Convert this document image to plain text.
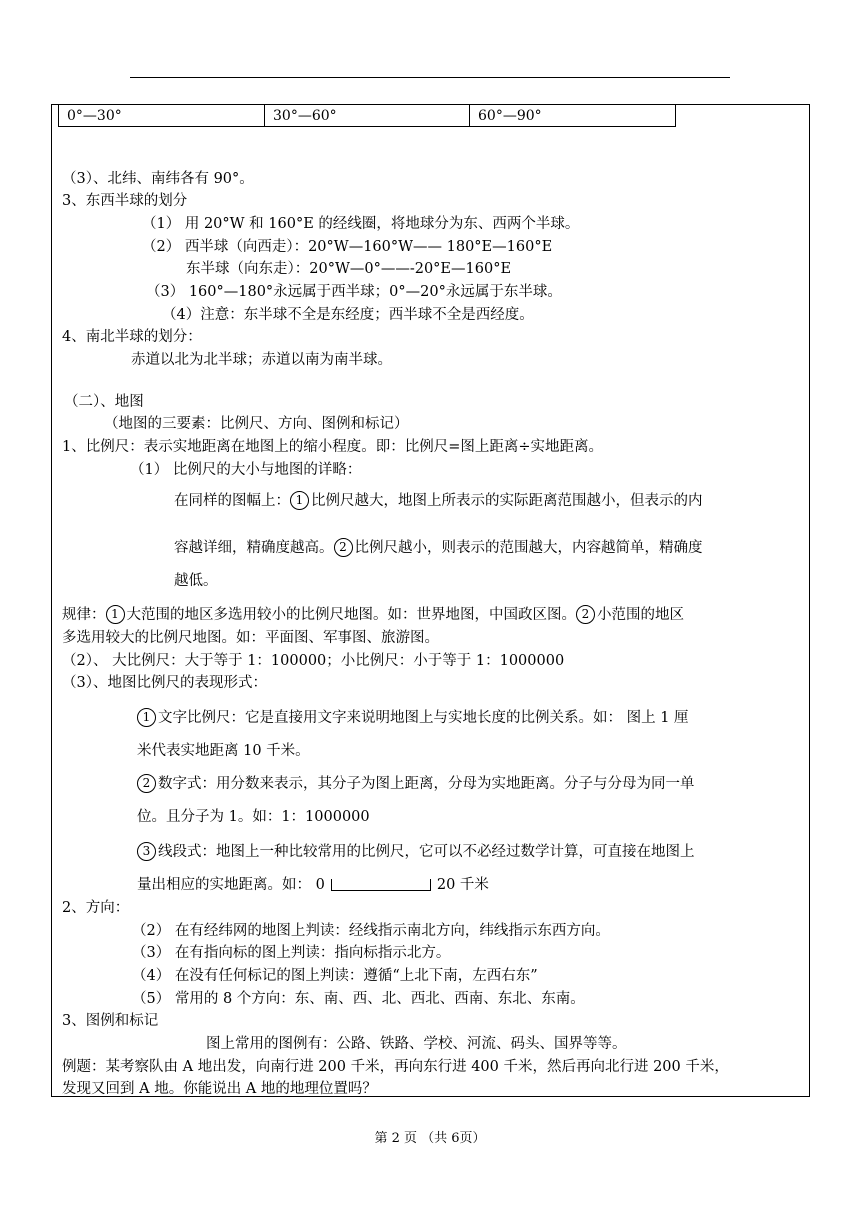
0°—30°	30°—60°	60°—90°
（3）、北纬、南纬各有 90°。
3、东西半球的划分
（1） 用 20°W 和 160°E 的经线圈，将地球分为东、西两个半球。
（2） 西半球（向西走）：20°W—160°W—— 180°E—160°E
东半球（向东走）：20°W—0°——-20°E—160°E
（3） 160°—180°永远属于西半球；0°—20°永远属于东半球。
（4）注意：东半球不全是东经度；西半球不全是西经度。
4、南北半球的划分：
赤道以北为北半球；赤道以南为南半球。
（二）、地图
（地图的三要素：比例尺、方向、图例和标记）
1、比例尺：表示实地距离在地图上的缩小程度。即：比例尺=图上距离÷实地距离。
（1） 比例尺的大小与地图的详略：
在同样的图幅上： 1 比例尺越大，地图上所表示的实际距离范围越小，但表示的内
容越详细，精确度越高。 2 比例尺越小，则表示的范围越大，内容越简单，精确度
越低。
规律： 1 大范围的地区多选用较小的比例尺地图。如：世界地图，中国政区图。 2 小范围的地区
多选用较大的比例尺地图。如：平面图、军事图、旅游图。
（2）、 大比例尺：大于等于 1：100000；小比例尺：小于等于 1：1000000
（3）、地图比例尺的表现形式：
1 文字比例尺：它是直接用文字来说明地图上与实地长度的比例关系。如： 图上 1 厘
米代表实地距离 10 千米。
2 数字式：用分数来表示，其分子为图上距离，分母为实地距离。分子与分母为同一单
位。且分子为 1。如：1：1000000
3 线段式：地图上一种比较常用的比例尺，它可以不必经过数学计算，可直接在地图上
量出相应的实地距离。如： 0	20 千米
2、方向：
（2） 在有经纬网的地图上判读：经线指示南北方向，纬线指示东西方向。
（3） 在有指向标的图上判读：指向标指示北方。
（4） 在没有任何标记的图上判读：遵循“上北下南，左西右东”
（5） 常用的 8 个方向：东、南、西、北、西北、西南、东北、东南。
3、图例和标记
图上常用的图例有：公路、铁路、学校、河流、码头、国界等等。
例题：某考察队由 A 地出发，向南行进 200 千米，再向东行进 400 千米，然后再向北行进 200 千米，
发现又回到 A 地。你能说出 A 地的地理位置吗？
第 2 页 （共 6页）
